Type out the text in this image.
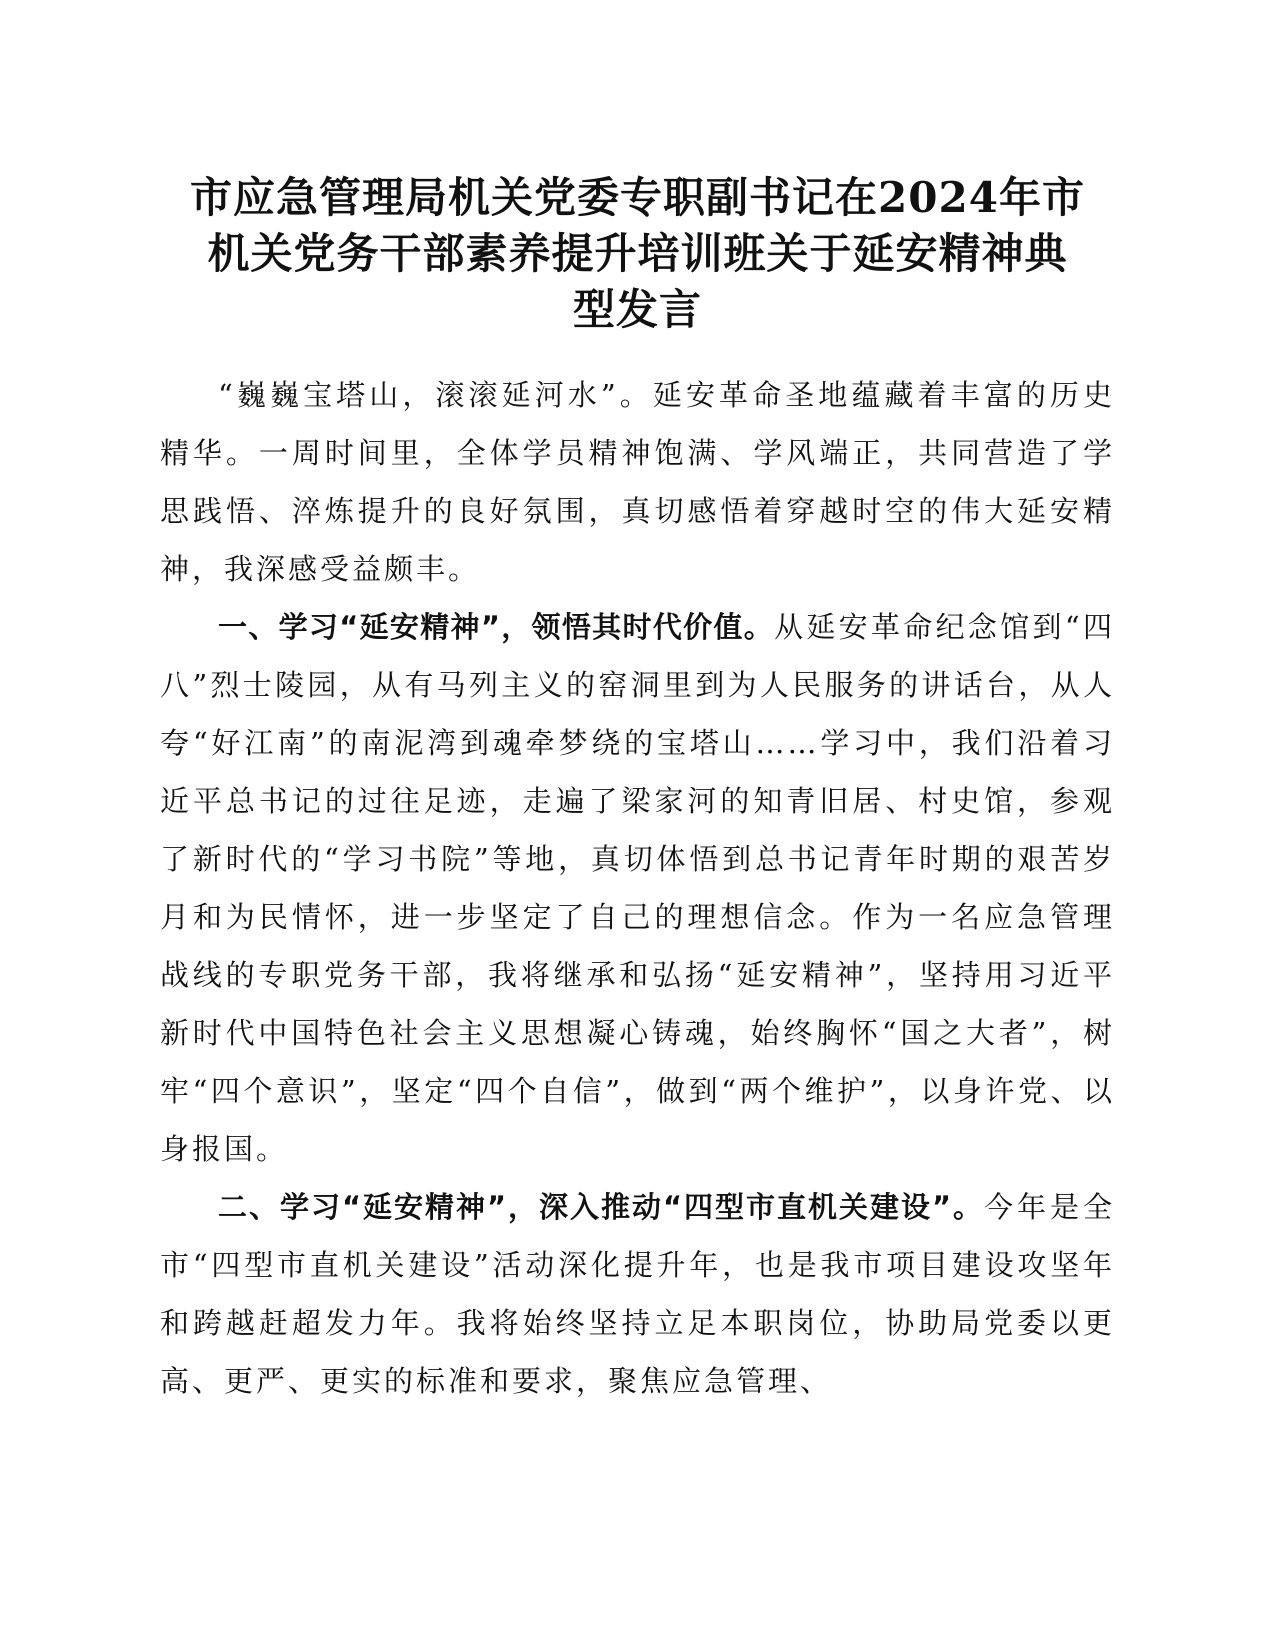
市应急管理局机关党委专职副书记在2024年市
机关党务干部素养提升培训班关于延安精神典
型发言

“巍巍宝塔山，滚滚延河水”。延安革命圣地蕴藏着丰富的历史精华。一周时间里，全体学员精神饱满、学风端正，共同营造了学思践悟、淬炼提升的良好氛围，真切感悟着穿越时空的伟大延安精神，我深感受益颇丰。

一、学习“延安精神”，领悟其时代价值。从延安革命纪念馆到“四八”烈士陵园，从有马列主义的窑洞里到为人民服务的讲话台，从人夸“好江南”的南泥湾到魂牵梦绕的宝塔山……学习中，我们沿着习近平总书记的过往足迹，走遍了梁家河的知青旧居、村史馆，参观了新时代的“学习书院”等地，真切体悟到总书记青年时期的艰苦岁月和为民情怀，进一步坚定了自己的理想信念。作为一名应急管理战线的专职党务干部，我将继承和弘扬“延安精神”，坚持用习近平新时代中国特色社会主义思想凝心铸魂，始终胸怀“国之大者”，树牢“四个意识”，坚定“四个自信”，做到“两个维护”，以身许党、以身报国。

二、学习“延安精神”，深入推动“四型市直机关建设”。今年是全市“四型市直机关建设”活动深化提升年，也是我市项目建设攻坚年和跨越赶超发力年。我将始终坚持立足本职岗位，协助局党委以更高、更严、更实的标准和要求，聚焦应急管理、
